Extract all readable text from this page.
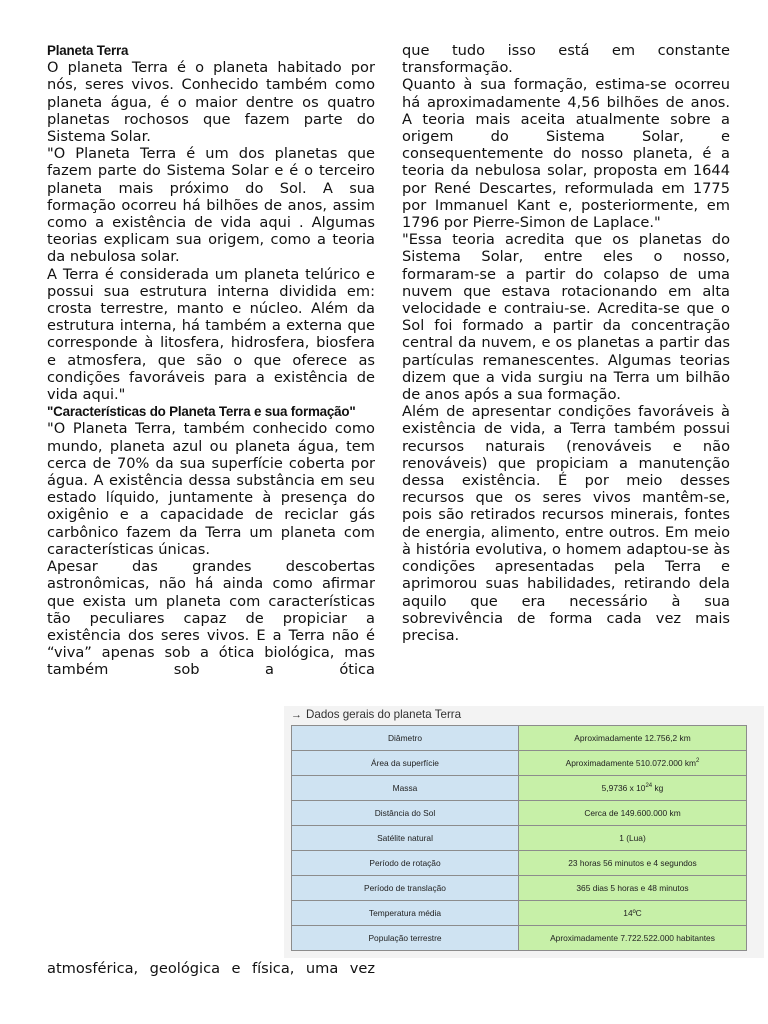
Planeta Terra

O planeta Terra é o planeta habitado por nós, seres vivos. Conhecido também como planeta água, é o maior dentre os quatro planetas rochosos que fazem parte do Sistema Solar.

"O Planeta Terra é um dos planetas que fazem parte do Sistema Solar e é o terceiro planeta mais próximo do Sol. A sua formação ocorreu há bilhões de anos, assim como a existência de vida aqui . Algumas teorias explicam sua origem, como a teoria da nebulosa solar.

A Terra é considerada um planeta telúrico e possui sua estrutura interna dividida em: crosta terrestre, manto e núcleo. Além da estrutura interna, há também a externa que corresponde à litosfera, hidrosfera, biosfera e atmosfera, que são o que oferece as condições favoráveis para a existência de vida aqui."

"Características do Planeta Terra e sua formação"

"O Planeta Terra, também conhecido como mundo, planeta azul ou planeta água, tem cerca de 70% da sua superfície coberta por água. A existência dessa substância em seu estado líquido, juntamente à presença do oxigênio e a capacidade de reciclar gás carbônico fazem da Terra um planeta com características únicas.

Apesar das grandes descobertas astronômicas, não há ainda como afirmar que exista um planeta com características tão peculiares capaz de propiciar a existência dos seres vivos. E a Terra não é “viva” apenas sob a ótica biológica, mas também sob a ótica

que tudo isso está em constante transformação.

Quanto à sua formação, estima-se ocorreu há aproximadamente 4,56 bilhões de anos. A teoria mais aceita atualmente sobre a origem do Sistema Solar, e consequentemente do nosso planeta, é a teoria da nebulosa solar, proposta em 1644 por René Descartes, reformulada em 1775 por Immanuel Kant e, posteriormente, em 1796 por Pierre-Simon de Laplace."

"Essa teoria acredita que os planetas do Sistema Solar, entre eles o nosso, formaram-se a partir do colapso de uma nuvem que estava rotacionando em alta velocidade e contraiu-se. Acredita-se que o Sol foi formado a partir da concentração central da nuvem, e os planetas a partir das partículas remanescentes. Algumas teorias dizem que a vida surgiu na Terra um bilhão de anos após a sua formação.

Além de apresentar condições favoráveis à existência de vida, a Terra também possui recursos naturais (renováveis e não renováveis) que propiciam a manutenção dessa existência. É por meio desses recursos que os seres vivos mantêm-se, pois são retirados recursos minerais, fontes de energia, alimento, entre outros. Em meio à história evolutiva, o homem adaptou-se às condições apresentadas pela Terra e aprimorou suas habilidades, retirando dela aquilo que era necessário à sua sobrevivência de forma cada vez mais precisa.

→ Dados gerais do planeta Terra
Diâmetro	Aproximadamente 12.756,2 km
Área da superfície	Aproximadamente 510.072.000 $km^2$
Massa	5,9736 x $10^{24}$ kg
Distância do Sol	Cerca de 149.600.000 km
Satélite natural	1 (Lua)
Período de rotação	23 horas 56 minutos e 4 segundos
Período de translação	365 dias 5 horas e 48 minutos
Temperatura média	14ºC
População terrestre	Aproximadamente 7.722.522.000 habitantes

atmosférica, geológica e física, uma vez
